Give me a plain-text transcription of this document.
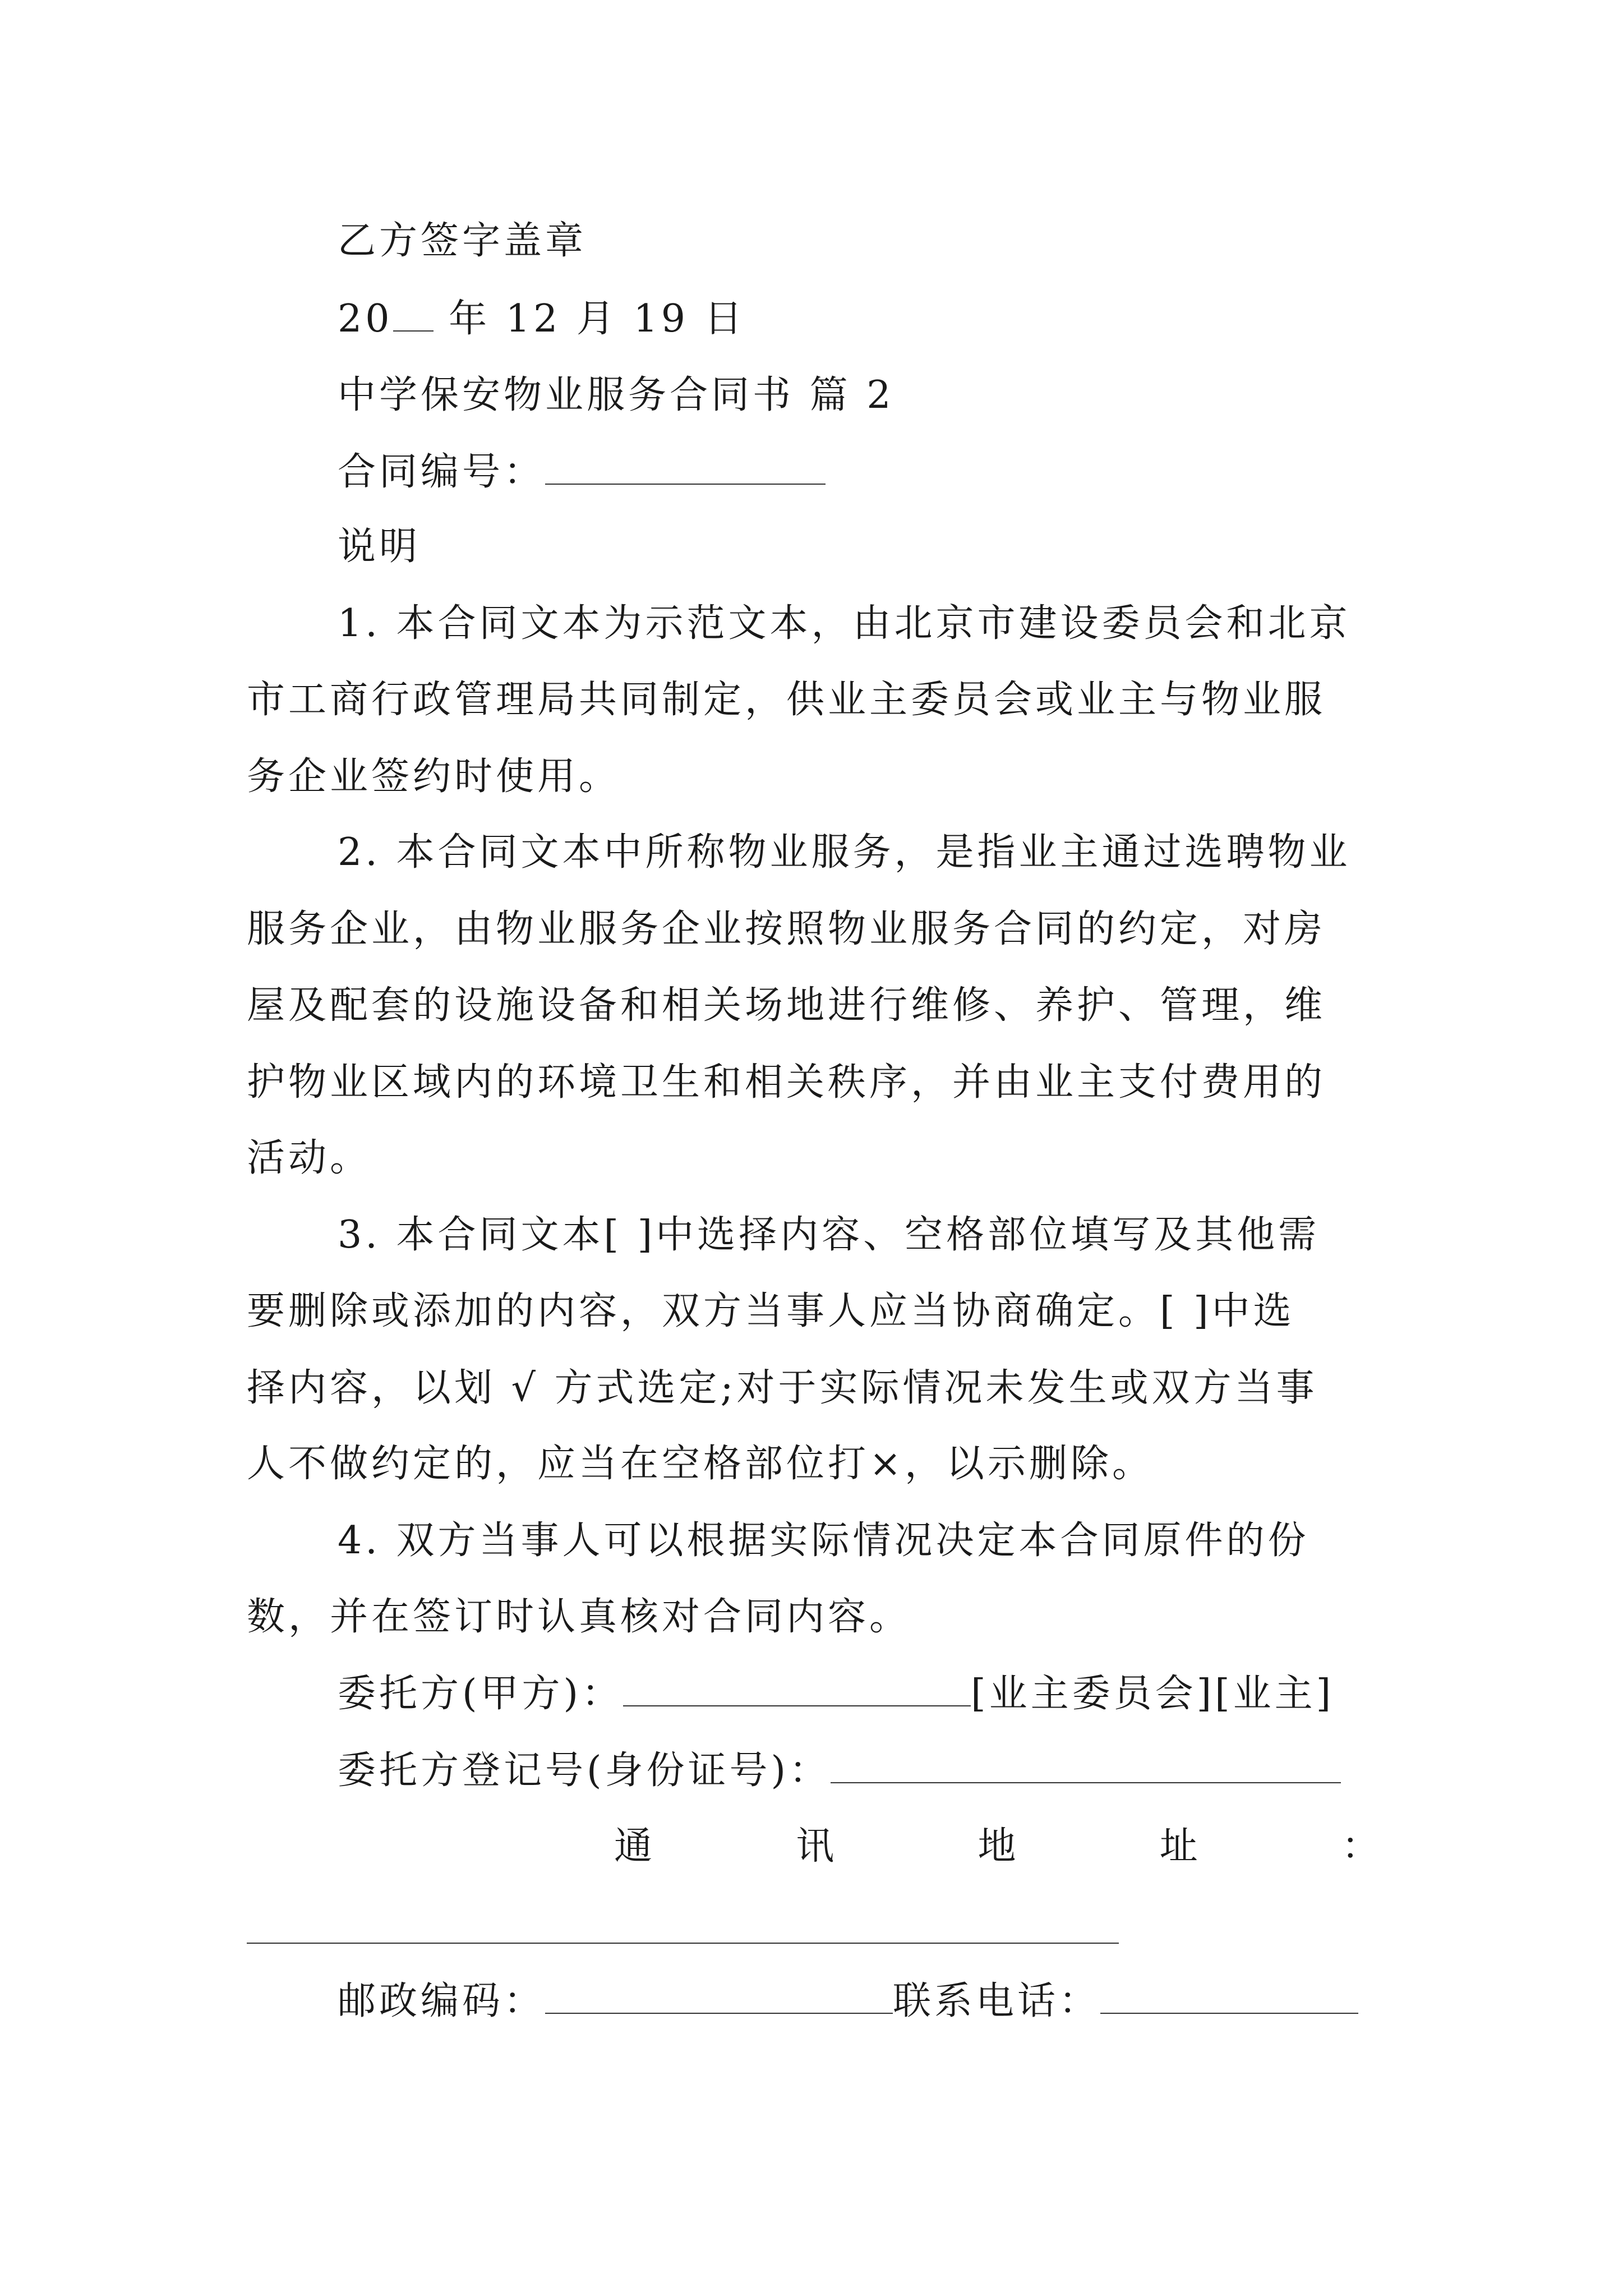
乙方签字盖章
20 年 12 月 19 日
中学保安物业服务合同书 篇 2
合同编号：
说明
1. 本合同文本为示范文本，由北京市建设委员会和北京
市工商行政管理局共同制定，供业主委员会或业主与物业服
务企业签约时使用。
2. 本合同文本中所称物业服务，是指业主通过选聘物业
服务企业，由物业服务企业按照物业服务合同的约定，对房
屋及配套的设施设备和相关场地进行维修、养护、管理，维
护物业区域内的环境卫生和相关秩序，并由业主支付费用的
活动。
3. 本合同文本[ ]中选择内容、空格部位填写及其他需
要删除或添加的内容，双方当事人应当协商确定。[ ]中选
择内容，以划 √ 方式选定;对于实际情况未发生或双方当事
人不做约定的，应当在空格部位打×，以示删除。
4. 双方当事人可以根据实际情况决定本合同原件的份
数，并在签订时认真核对合同内容。
委托方(甲方)：	[业主委员会][业主]
委托方登记号(身份证号)：
通	讯	地	址	：
邮政编码：	联系电话：
